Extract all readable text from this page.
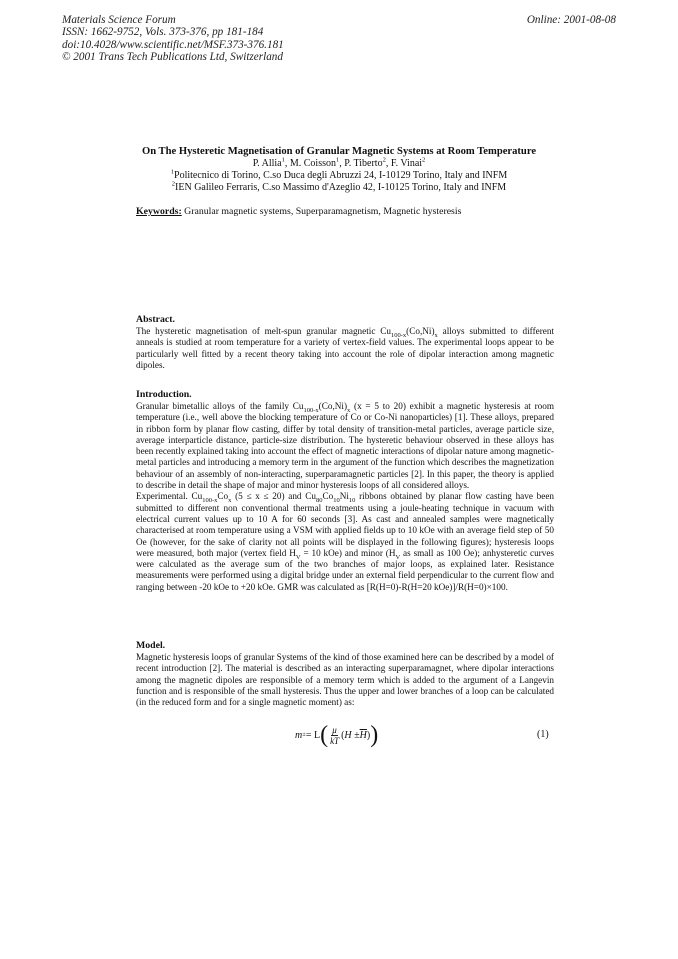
Materials Science Forum
ISSN: 1662-9752, Vols. 373-376, pp 181-184
doi:10.4028/www.scientific.net/MSF.373-376.181
© 2001 Trans Tech Publications Ltd, Switzerland
Online: 2001-08-08
On The Hysteretic Magnetisation of Granular Magnetic Systems at Room Temperature
P. Allia$^1$, M. Coisson$^1$, P. Tiberto$^2$, F. Vinai$^2$
$^1$Politecnico di Torino, C.so Duca degli Abruzzi 24, I-10129 Torino, Italy and INFM
$^2$IEN Galileo Ferraris, C.so Massimo d'Azeglio 42, I-10125 Torino, Italy and INFM
Keywords: Granular magnetic systems, Superparamagnetism, Magnetic hysteresis
Abstract.

The hysteretic magnetisation of melt-spun granular magnetic $Cu_{100-x}(Co,Ni)_x$ alloys submitted to different anneals is studied at room temperature for a variety of vertex-field values. The experimental loops appear to be particularly well fitted by a recent theory taking into account the role of dipolar interaction among magnetic dipoles.

Introduction.

Granular bimetallic alloys of the family $Cu_{100-x}(Co,Ni)_x$ (x = 5 to 20) exhibit a magnetic hysteresis at room temperature (i.e., well above the blocking temperature of Co or Co-Ni nanoparticles) [1]. These alloys, prepared in ribbon form by planar flow casting, differ by total density of transition-metal particles, average particle size, average interparticle distance, particle-size distribution. The hysteretic behaviour observed in these alloys has been recently explained taking into account the effect of magnetic interactions of dipolar nature among magnetic-metal particles and introducing a memory term in the argument of the function which describes the magnetization behaviour of an assembly of non-interacting, superparamagnetic particles [2]. In this paper, the theory is applied to describe in detail the shape of major and minor hysteresis loops of all considered alloys.

Experimental. $Cu_{100-x}Co_x$ (5 ≤ x ≤ 20) and $Cu_{80}Co_{10}Ni_{10}$ ribbons obtained by planar flow casting have been submitted to different non conventional thermal treatments using a joule-heating technique in vacuum with electrical current values up to 10 A for 60 seconds [3]. As cast and annealed samples were magnetically characterised at room temperature using a VSM with applied fields up to 10 kOe with an average field step of 50 Oe (however, for the sake of clarity not all points will be displayed in the following figures); hysteresis loops were measured, both major (vertex field $H_V = 10$ kOe) and minor ($H_V$ as small as 100 Oe); anhysteretic curves were calculated as the average sum of the two branches of major loops, as explained later. Resistance measurements were performed using a digital bridge under an external field perpendicular to the current flow and ranging between -20 kOe to +20 kOe. GMR was calculated as [R(H=0)-R(H=20 kOe)]/R(H=0)×100.

Model.

Magnetic hysteresis loops of granular Systems of the kind of those examined here can be described by a model of recent introduction [2]. The material is described as an interacting superparamagnet, where dipolar interactions among the magnetic dipoles are responsible of a memory term which is added to the argument of a Langevin function and is responsible of the small hysteresis. Thus the upper and lower branches of a loop can be calculated (in the reduced form and for a single magnetic moment) as:

m ± = L ( $\frac{\mu}{kT}$ ( $H \pm \overline{H}$ ) )	(1)
